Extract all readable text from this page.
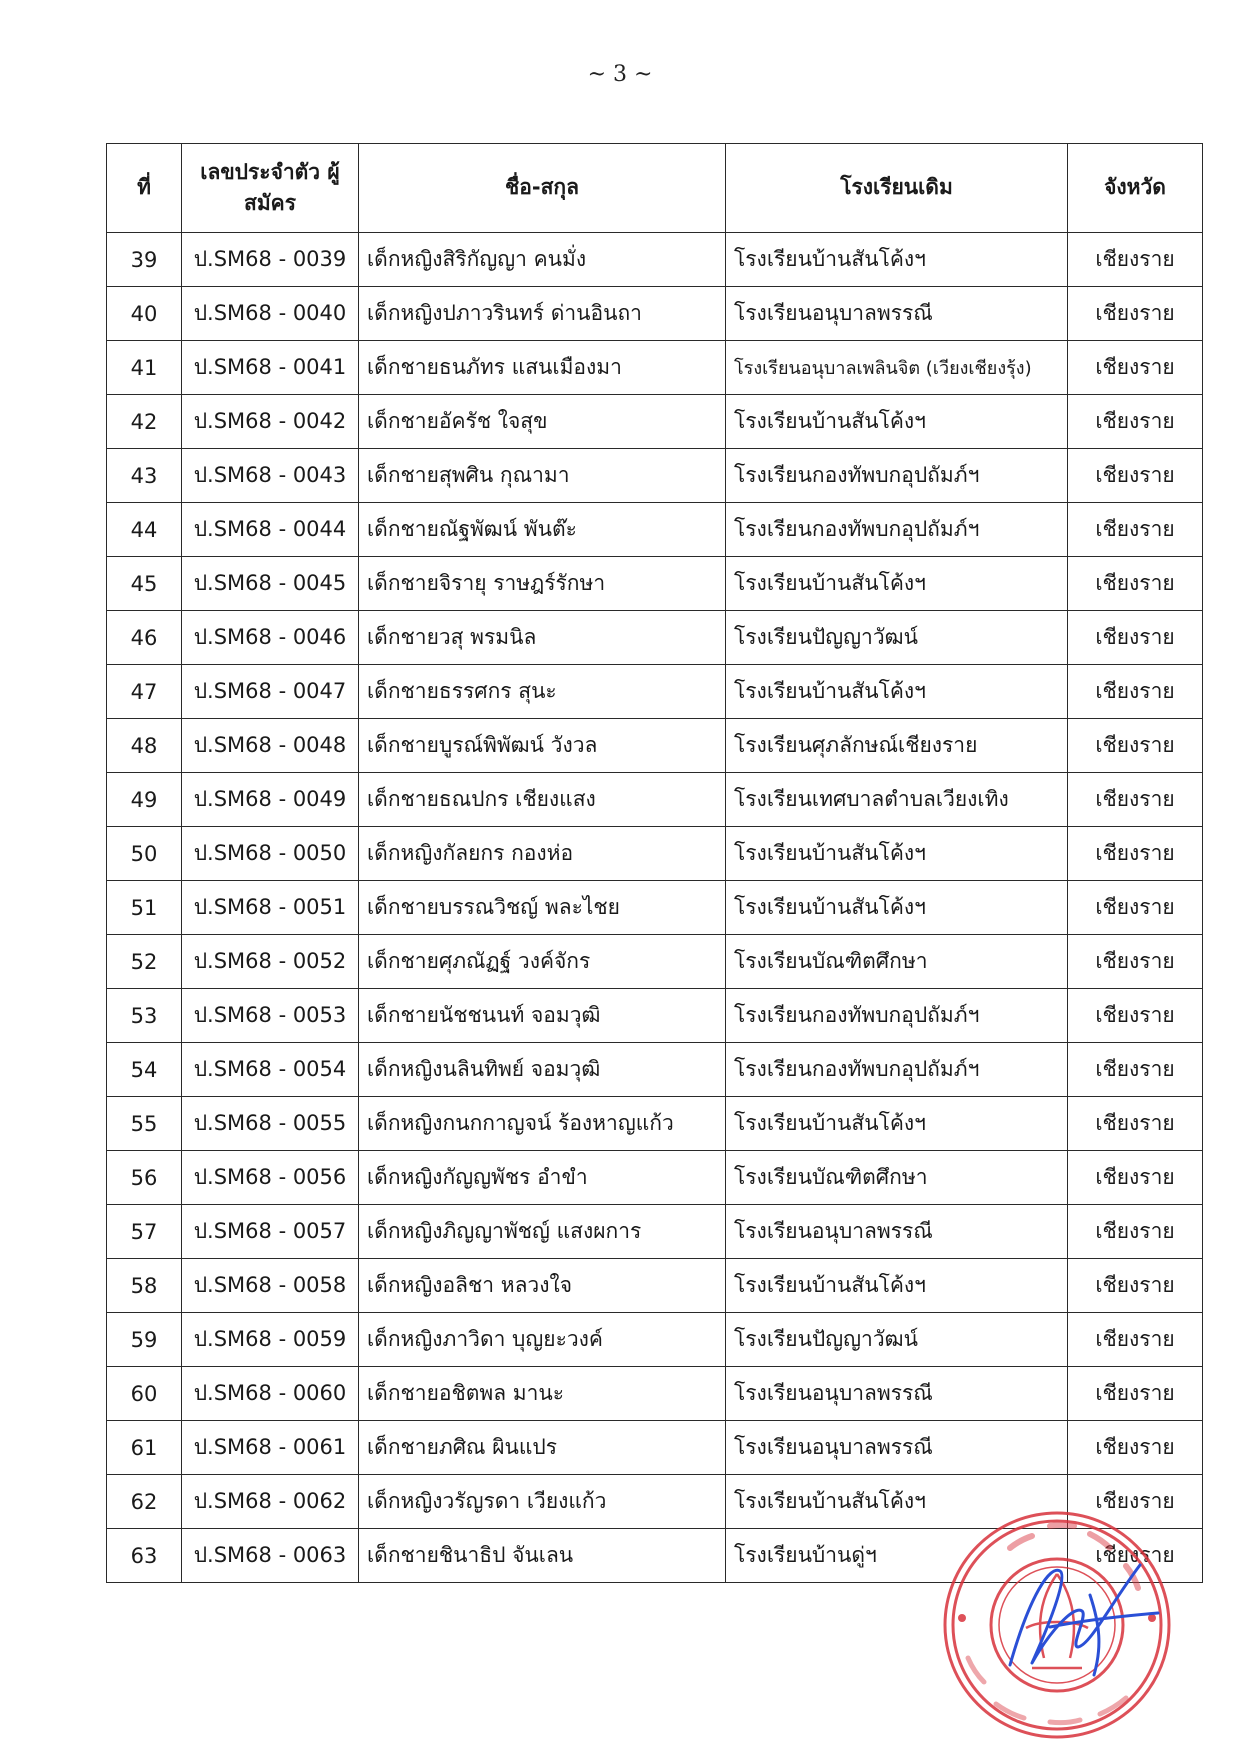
~ 3 ~
ที่	เลขประจำตัว ผู้สมัคร	ชื่อ-สกุล	โรงเรียนเดิม	จังหวัด
39	ป.SM68 - 0039	เด็กหญิงสิริกัญญา คนมั่ง	โรงเรียนบ้านสันโค้งฯ	เชียงราย
40	ป.SM68 - 0040	เด็กหญิงปภาวรินทร์ ด่านอินถา	โรงเรียนอนุบาลพรรณี	เชียงราย
41	ป.SM68 - 0041	เด็กชายธนภัทร แสนเมืองมา	โรงเรียนอนุบาลเพลินจิต (เวียงเชียงรุ้ง)	เชียงราย
42	ป.SM68 - 0042	เด็กชายอัครัช ใจสุข	โรงเรียนบ้านสันโค้งฯ	เชียงราย
43	ป.SM68 - 0043	เด็กชายสุพศิน กุณามา	โรงเรียนกองทัพบกอุปถัมภ์ฯ	เชียงราย
44	ป.SM68 - 0044	เด็กชายณัฐพัฒน์ พันต๊ะ	โรงเรียนกองทัพบกอุปถัมภ์ฯ	เชียงราย
45	ป.SM68 - 0045	เด็กชายจิรายุ ราษฎร์รักษา	โรงเรียนบ้านสันโค้งฯ	เชียงราย
46	ป.SM68 - 0046	เด็กชายวสุ พรมนิล	โรงเรียนปัญญาวัฒน์	เชียงราย
47	ป.SM68 - 0047	เด็กชายธรรศกร สุนะ	โรงเรียนบ้านสันโค้งฯ	เชียงราย
48	ป.SM68 - 0048	เด็กชายบูรณ์พิพัฒน์ วังวล	โรงเรียนศุภลักษณ์เชียงราย	เชียงราย
49	ป.SM68 - 0049	เด็กชายธณปกร เชียงแสง	โรงเรียนเทศบาลตำบลเวียงเทิง	เชียงราย
50	ป.SM68 - 0050	เด็กหญิงกัลยกร กองห่อ	โรงเรียนบ้านสันโค้งฯ	เชียงราย
51	ป.SM68 - 0051	เด็กชายบรรณวิชญ์ พละไชย	โรงเรียนบ้านสันโค้งฯ	เชียงราย
52	ป.SM68 - 0052	เด็กชายศุภณัฏฐ์ วงค์จักร	โรงเรียนบัณฑิตศึกษา	เชียงราย
53	ป.SM68 - 0053	เด็กชายนัชชนนท์ จอมวุฒิ	โรงเรียนกองทัพบกอุปถัมภ์ฯ	เชียงราย
54	ป.SM68 - 0054	เด็กหญิงนลินทิพย์ จอมวุฒิ	โรงเรียนกองทัพบกอุปถัมภ์ฯ	เชียงราย
55	ป.SM68 - 0055	เด็กหญิงกนกกาญจน์ ร้องหาญแก้ว	โรงเรียนบ้านสันโค้งฯ	เชียงราย
56	ป.SM68 - 0056	เด็กหญิงกัญญพัชร อำขำ	โรงเรียนบัณฑิตศึกษา	เชียงราย
57	ป.SM68 - 0057	เด็กหญิงภิญญาพัชญ์ แสงผการ	โรงเรียนอนุบาลพรรณี	เชียงราย
58	ป.SM68 - 0058	เด็กหญิงอลิชา หลวงใจ	โรงเรียนบ้านสันโค้งฯ	เชียงราย
59	ป.SM68 - 0059	เด็กหญิงภาวิดา บุญยะวงค์	โรงเรียนปัญญาวัฒน์	เชียงราย
60	ป.SM68 - 0060	เด็กชายอชิตพล มานะ	โรงเรียนอนุบาลพรรณี	เชียงราย
61	ป.SM68 - 0061	เด็กชายภศิณ ผินแปร	โรงเรียนอนุบาลพรรณี	เชียงราย
62	ป.SM68 - 0062	เด็กหญิงวรัญรดา เวียงแก้ว	โรงเรียนบ้านสันโค้งฯ	เชียงราย
63	ป.SM68 - 0063	เด็กชายชินาธิป จันเลน	โรงเรียนบ้านดู่ฯ	เชียงราย
